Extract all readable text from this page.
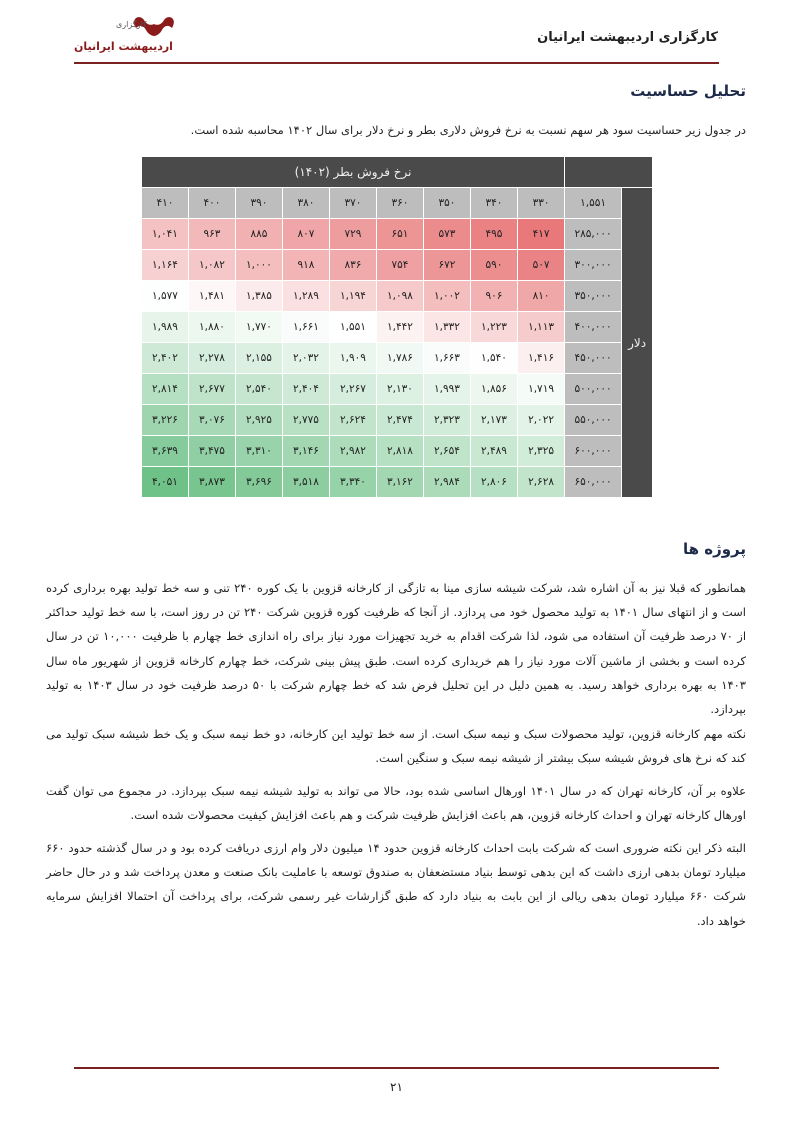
کارگزاری
اردیبهشت ایرانیان
کارگزاری اردیبهشت ایرانیان
تحلیل حساسیت
در جدول زیر حساسیت سود هر سهم نسبت به نرخ فروش دلاری بطر و نرخ دلار برای سال ۱۴۰۲ محاسبه شده است.
نرخ فروش بطر (۱۴۰۲)										
۴۱۰	۴۰۰	۳۹۰	۳۸۰	۳۷۰	۳۶۰	۳۵۰	۳۴۰	۳۳۰	۱,۵۵۱	دلار
۱,۰۴۱	۹۶۳	۸۸۵	۸۰۷	۷۲۹	۶۵۱	۵۷۳	۴۹۵	۴۱۷	۲۸۵,۰۰۰	
۱,۱۶۴	۱,۰۸۲	۱,۰۰۰	۹۱۸	۸۳۶	۷۵۴	۶۷۲	۵۹۰	۵۰۷	۳۰۰,۰۰۰	
۱,۵۷۷	۱,۴۸۱	۱,۳۸۵	۱,۲۸۹	۱,۱۹۴	۱,۰۹۸	۱,۰۰۲	۹۰۶	۸۱۰	۳۵۰,۰۰۰	
۱,۹۸۹	۱,۸۸۰	۱,۷۷۰	۱,۶۶۱	۱,۵۵۱	۱,۴۴۲	۱,۳۳۲	۱,۲۲۳	۱,۱۱۳	۴۰۰,۰۰۰	
۲,۴۰۲	۲,۲۷۸	۲,۱۵۵	۲,۰۳۲	۱,۹۰۹	۱,۷۸۶	۱,۶۶۳	۱,۵۴۰	۱,۴۱۶	۴۵۰,۰۰۰	
۲,۸۱۴	۲,۶۷۷	۲,۵۴۰	۲,۴۰۴	۲,۲۶۷	۲,۱۳۰	۱,۹۹۳	۱,۸۵۶	۱,۷۱۹	۵۰۰,۰۰۰	
۳,۲۲۶	۳,۰۷۶	۲,۹۲۵	۲,۷۷۵	۲,۶۲۴	۲,۴۷۴	۲,۳۲۳	۲,۱۷۳	۲,۰۲۲	۵۵۰,۰۰۰	
۳,۶۳۹	۳,۴۷۵	۳,۳۱۰	۳,۱۴۶	۲,۹۸۲	۲,۸۱۸	۲,۶۵۴	۲,۴۸۹	۲,۳۲۵	۶۰۰,۰۰۰	
۴,۰۵۱	۳,۸۷۳	۳,۶۹۶	۳,۵۱۸	۳,۳۴۰	۳,۱۶۲	۲,۹۸۴	۲,۸۰۶	۲,۶۲۸	۶۵۰,۰۰۰	
پروژه ها

همانطور که قبلا نیز به آن اشاره شد، شرکت شیشه سازی مینا به تازگی از کارخانه قزوین با یک کوره ۲۴۰ تنی و سه خط تولید بهره برداری کرده است و از انتهای سال ۱۴۰۱ به تولید محصول خود می پردازد. از آنجا که ظرفیت کوره قزوین شرکت ۲۴۰ تن در روز است، با سه خط تولید حداکثر از ۷۰ درصد ظرفیت آن استفاده می شود، لذا شرکت اقدام به خرید تجهیزات مورد نیاز برای راه اندازی خط چهارم با ظرفیت ۱۰,۰۰۰ تن در سال کرده است و بخشی از ماشین آلات مورد نیاز را هم خریداری کرده است. طبق پیش بینی شرکت، خط چهارم کارخانه قزوین از شهریور ماه سال ۱۴۰۳ به بهره برداری خواهد رسید. به همین دلیل در این تحلیل فرض شد که خط چهارم شرکت با ۵۰ درصد ظرفیت خود در سال ۱۴۰۳ به تولید بپردازد.

نکته مهم کارخانه قزوین، تولید محصولات سبک و نیمه سبک است. از سه خط تولید این کارخانه، دو خط نیمه سبک و یک خط شیشه سبک تولید می کند که نرخ های فروش شیشه سبک بیشتر از شیشه نیمه سبک و سنگین است.

علاوه بر آن، کارخانه تهران که در سال ۱۴۰۱ اورهال اساسی شده بود، حالا می تواند به تولید شیشه نیمه سبک بپردازد. در مجموع می توان گفت اورهال کارخانه تهران و احداث کارخانه قزوین، هم باعث افزایش ظرفیت شرکت و هم باعث افزایش کیفیت محصولات شده است.

البته ذکر این نکته ضروری است که شرکت بابت احداث کارخانه قزوین حدود ۱۴ میلیون دلار وام ارزی دریافت کرده بود و در سال گذشته حدود ۶۶۰ میلیارد تومان بدهی ارزی داشت که این بدهی توسط بنیاد مستضعفان به صندوق توسعه با عاملیت بانک صنعت و معدن پرداخت شد و در حال حاضر شرکت ۶۶۰ میلیارد تومان بدهی ریالی از این بابت به بنیاد دارد که طبق گزارشات غیر رسمی شرکت، برای پرداخت آن احتمالا افزایش سرمایه خواهد داد.

۲۱
